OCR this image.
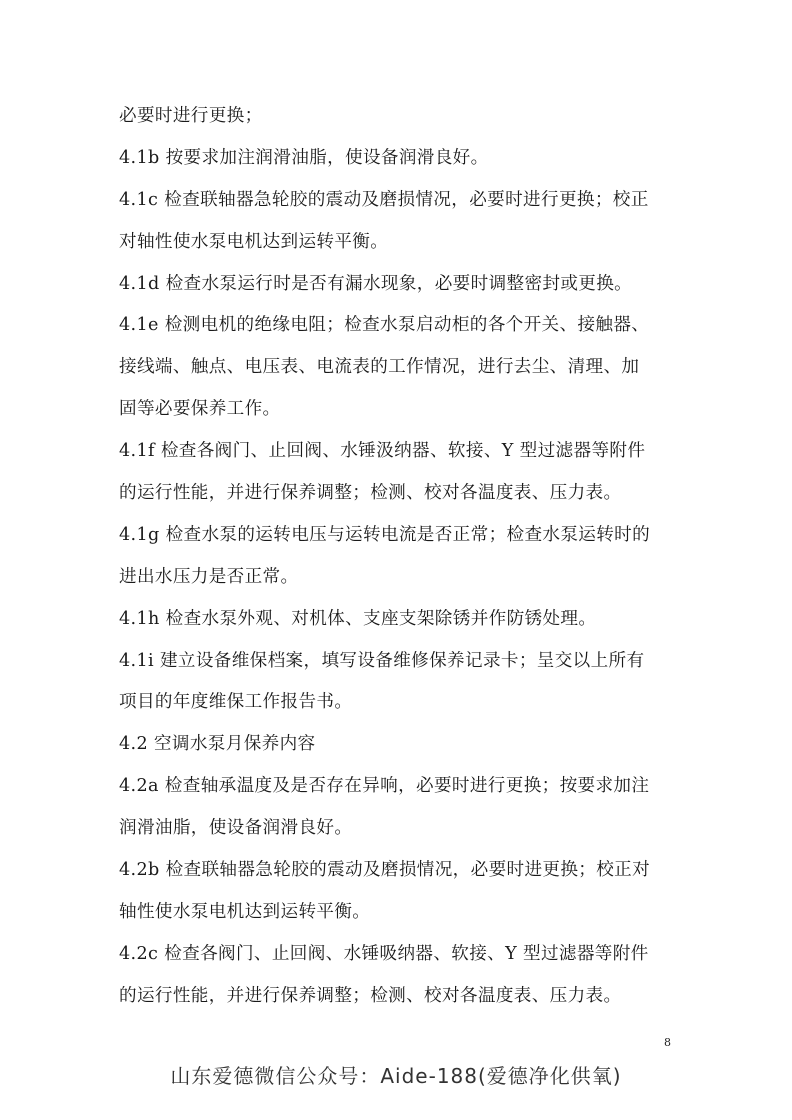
必要时进行更换；
4.1b 按要求加注润滑油脂，使设备润滑良好。
4.1c 检查联轴器急轮胶的震动及磨损情况，必要时进行更换；校正
对轴性使水泵电机达到运转平衡。
4.1d 检查水泵运行时是否有漏水现象，必要时调整密封或更换。
4.1e 检测电机的绝缘电阻；检查水泵启动柜的各个开关、接触器、
接线端、触点、电压表、电流表的工作情况，进行去尘、清理、加
固等必要保养工作。
4.1f 检查各阀门、止回阀、水锤汲纳器、软接、Y 型过滤器等附件
的运行性能，并进行保养调整；检测、校对各温度表、压力表。
4.1g 检查水泵的运转电压与运转电流是否正常；检查水泵运转时的
进出水压力是否正常。
4.1h 检查水泵外观、对机体、支座支架除锈并作防锈处理。
4.1i 建立设备维保档案，填写设备维修保养记录卡；呈交以上所有
项目的年度维保工作报告书。
4.2 空调水泵月保养内容
4.2a 检查轴承温度及是否存在异响，必要时进行更换；按要求加注
润滑油脂，使设备润滑良好。
4.2b 检查联轴器急轮胶的震动及磨损情况，必要时进更换；校正对
轴性使水泵电机达到运转平衡。
4.2c 检查各阀门、止回阀、水锤吸纳器、软接、Y 型过滤器等附件
的运行性能，并进行保养调整；检测、校对各温度表、压力表。
8
山东爱德微信公众号：Aide-188(爱德净化供氧)
